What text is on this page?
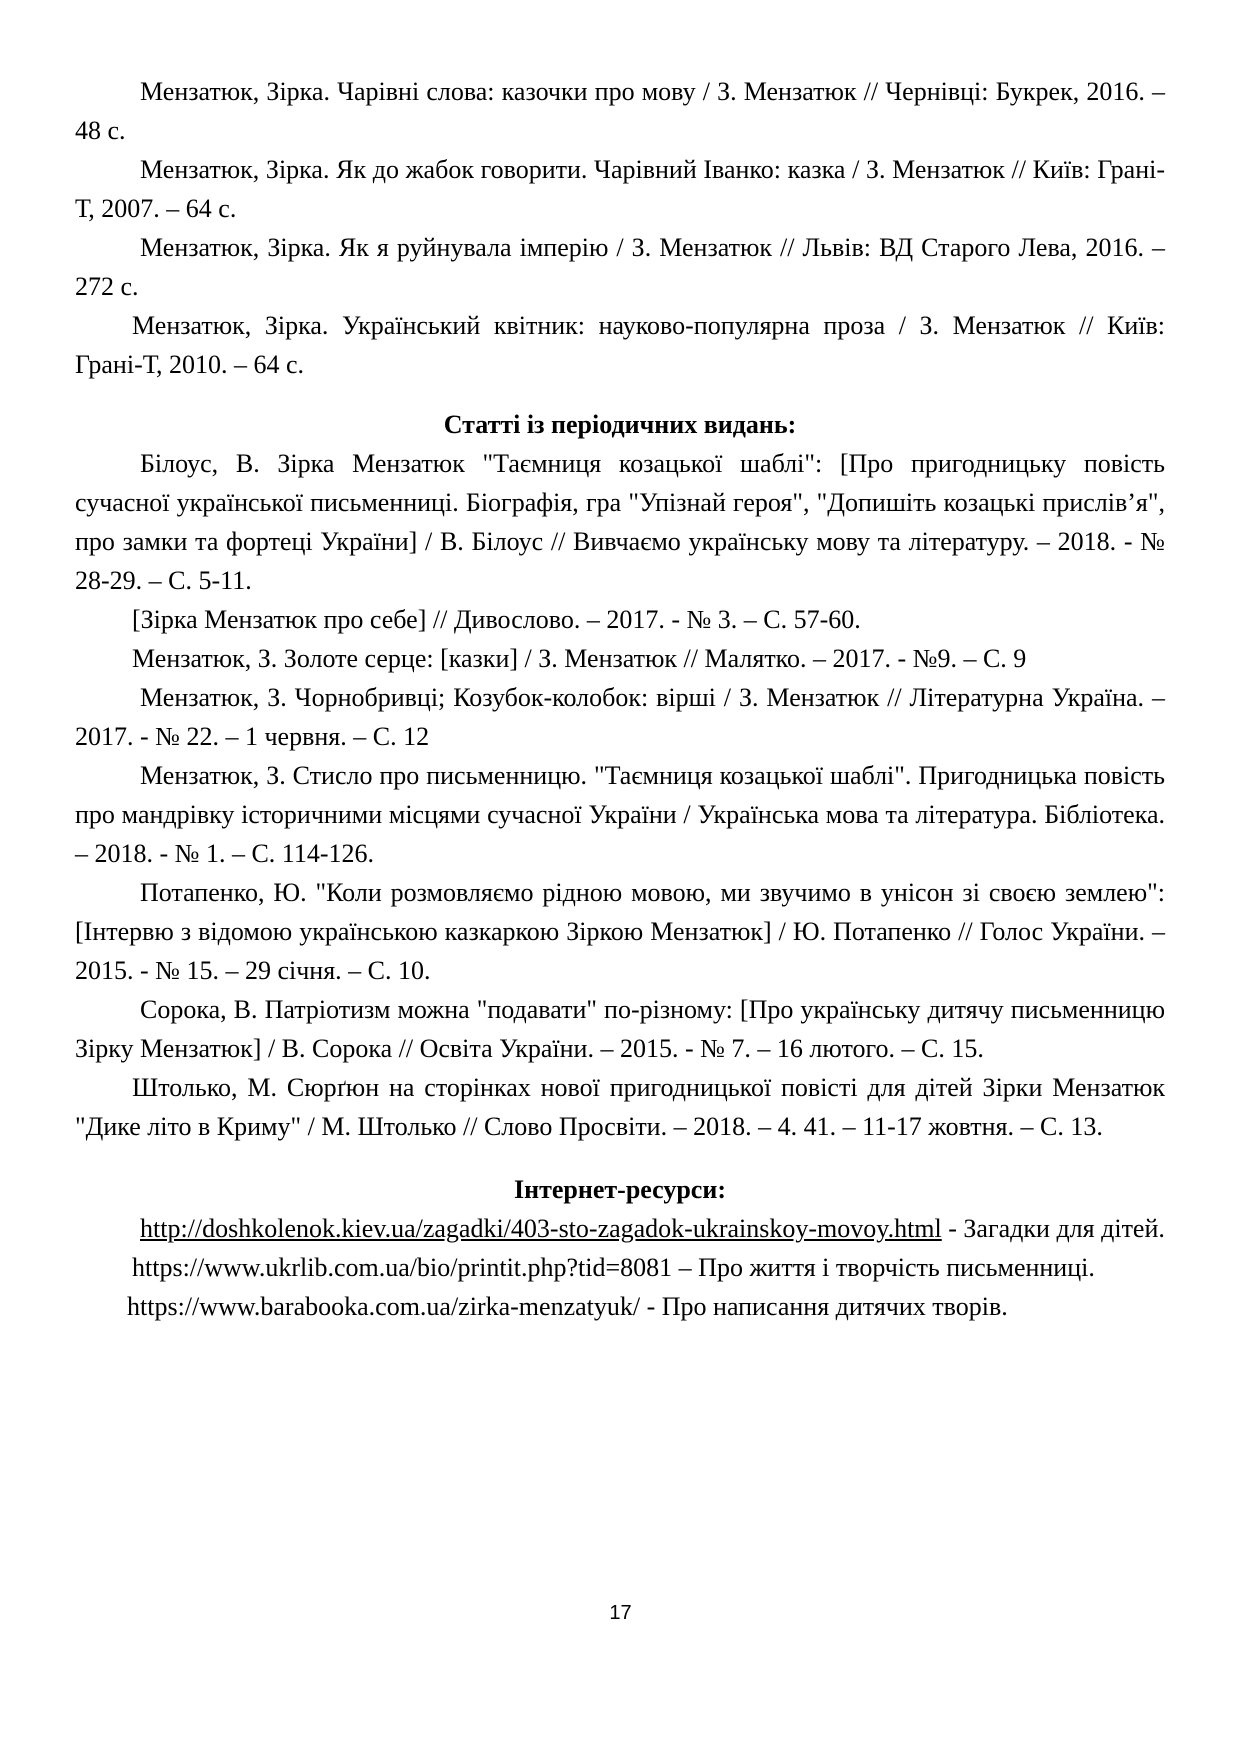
Мензатюк, Зірка. Чарівні слова: казочки про мову / З. Мензатюк // Чернівці: Букрек, 2016. – 48 с.

Мензатюк, Зірка. Як до жабок говорити. Чарівний Іванко: казка / З. Мензатюк // Київ: Грані-Т, 2007. – 64 с.

Мензатюк, Зірка. Як я руйнувала імперію / З. Мензатюк // Львів: ВД Старого Лева, 2016. – 272 с.

Мензатюк, Зірка. Український квітник: науково-популярна проза / З. Мензатюк // Київ: Грані-Т, 2010. – 64 с.

Статті із періодичних видань:

Білоус, В. Зірка Мензатюк "Таємниця козацької шаблі": [Про пригодницьку повість сучасної української письменниці. Біографія, гра "Упізнай героя", "Допишіть козацькі прислів’я", про замки та фортеці України] / В. Білоус // Вивчаємо українську мову та літературу. – 2018. - № 28-29. – С. 5-11.

[Зірка Мензатюк про себе] // Дивослово. – 2017. - № 3. – С. 57-60.

Мензатюк, З. Золоте серце: [казки] / З. Мензатюк // Малятко. – 2017. - №9. – С. 9

Мензатюк, З. Чорнобривці; Козубок-колобок: вірші / З. Мензатюк // Літературна Україна. – 2017. - № 22. – 1 червня. – С. 12

Мензатюк, З. Стисло про письменницю. "Таємниця козацької шаблі". Пригодницька повість про мандрівку історичними місцями сучасної України / Українська мова та література. Бібліотека. – 2018. - № 1. – С. 114-126.

Потапенко, Ю. "Коли розмовляємо рідною мовою, ми звучимо в унісон зі своєю землею": [Інтервю з відомою українською казкаркою Зіркою Мензатюк] / Ю. Потапенко // Голос України. – 2015. - № 15. – 29 січня. – С. 10.

Сорока, В. Патріотизм можна "подавати" по-різному: [Про українську дитячу письменницю Зірку Мензатюк] / В. Сорока // Освіта України. – 2015. - № 7. – 16 лютого. – С. 15.

Штолько, М. Сюрґюн на сторінках нової пригодницької повісті для дітей Зірки Мензатюк "Дике літо в Криму" / М. Штолько // Слово Просвіти. – 2018. – 4. 41. – 11-17 жовтня. – С. 13.

Інтернет-ресурси:

http://doshkolenok.kiev.ua/zagadki/403-sto-zagadok-ukrainskoy-movoy.html - Загадки для дітей.

https://www.ukrlib.com.ua/bio/printit.php?tid=8081 – Про життя і творчість письменниці.

https://www.barabooka.com.ua/zirka-menzatyuk/ - Про написання дитячих творів.

17
